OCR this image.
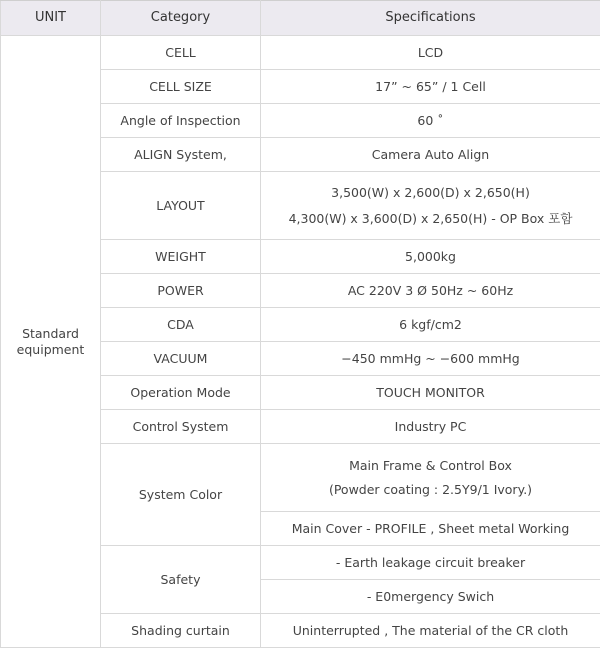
UNIT	Category	Specifications

Standard
equipment	CELL	LCD
	CELL SIZE	17” ~ 65” / 1 Cell
	Angle of Inspection	60 ˚
	ALIGN System,	Camera Auto Align
	LAYOUT	3,500(W) x 2,600(D) x 2,650(H)
4,300(W) x 3,600(D) x 2,650(H) - OP Box 포함

	WEIGHT	5,000kg
	POWER	AC 220V 3 Ø 50Hz ~ 60Hz
	CDA	6 kgf/cm2
	VACUUM	−450 mmHg ~ −600 mmHg
	Operation Mode	TOUCH MONITOR
	Control System	Industry PC
	System Color	Main Frame & Control Box
(Powder coating : 2.5Y9/1 Ivory.)

		Main Cover - PROFILE , Sheet metal Working
	Safety	- Earth leakage circuit breaker
		- E0mergency Swich
	Shading curtain	Uninterrupted , The material of the CR cloth
